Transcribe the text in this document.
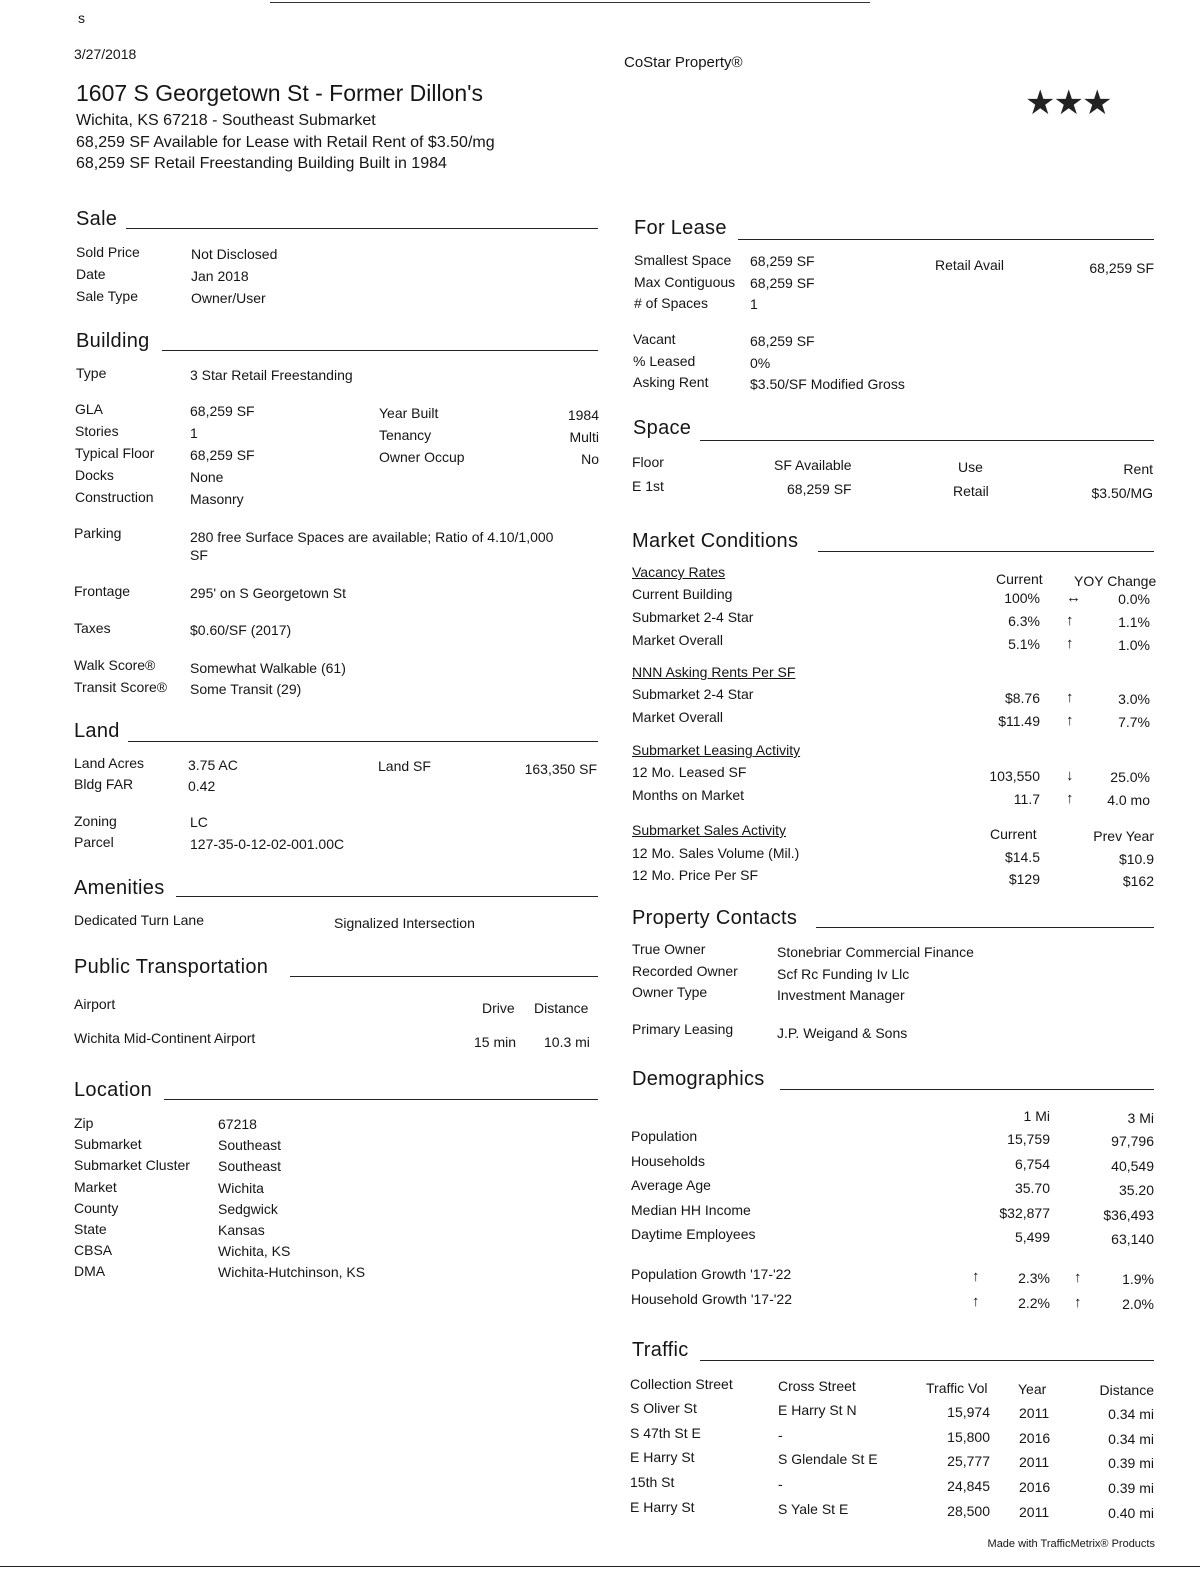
s
3/27/2018	CoStar Property®
1607 S Georgetown St - Former Dillon's
Wichita, KS 67218 - Southeast Submarket
68,259 SF Available for Lease with Retail Rent of $3.50/mg
68,259 SF Retail Freestanding Building Built in 1984
★★★
Sale
Sold Price	Not Disclosed
Date	Jan 2018
Sale Type	Owner/User
Building
Type	3 Star Retail Freestanding
GLA	68,259 SF
Stories	1
Typical Floor	68,259 SF
Docks	None
Construction	Masonry
Year Built	1984
Tenancy	Multi
Owner Occup	No
Parking	280 free Surface Spaces are available; Ratio of 4.10/1,000
SF
Frontage	295' on S Georgetown St
Taxes	$0.60/SF (2017)
Walk Score® Somewhat Walkable (61)
Transit Score® Some Transit (29)
Land
Land Acres	3.75 AC
Bldg FAR	0.42
Land SF	163,350 SF
Zoning	LC
Parcel	127-35-0-12-02-001.00C
Amenities
Dedicated Turn Lane	Signalized Intersection
Public Transportation
Airport	Drive Distance
Wichita Mid-Continent Airport	15 min 10.3 mi
Location
Zip	67218
Submarket	Southeast
Submarket Cluster Southeast
Market	Wichita
County	Sedgwick
State	Kansas
CBSA	Wichita, KS
DMA	Wichita-Hutchinson, KS
For Lease
Smallest Space 68,259 SF
Max Contiguous 68,259 SF
# of Spaces	1
Retail Avail	68,259 SF
Vacant	68,259 SF
% Leased	0%
Asking Rent	$3.50/SF Modified Gross
Space
Floor	SF Available	Use	Rent
E 1st	68,259 SF	Retail	$3.50/MG
Market Conditions
Vacancy Rates	Current YOY Change
Current Building	100% ↔	0.0%
Submarket 2-4 Star	6.3% ↑	1.1%
Market Overall	5.1% ↑	1.0%
NNN Asking Rents Per SF
Submarket 2-4 Star	$8.76 ↑	3.0%
Market Overall	$11.49 ↑	7.7%
Submarket Leasing Activity
12 Mo. Leased SF	103,550 ↓	25.0%
Months on Market	11.7 ↑	4.0 mo
Submarket Sales Activity	Current	Prev Year
12 Mo. Sales Volume (Mil.)	$14.5	$10.9
12 Mo. Price Per SF	$129	$162
Property Contacts
True Owner	Stonebriar Commercial Finance
Recorded Owner	Scf Rc Funding Iv Llc
Owner Type	Investment Manager
Primary Leasing	J.P. Weigand & Sons
Demographics
1 Mi	3 Mi
Population	15,759	97,796
Households	6,754	40,549
Average Age	35.70	35.20
Median HH Income	$32,877	$36,493
Daytime Employees	5,499	63,140
Population Growth '17-'22	↑	2.3% ↑	1.9%
Household Growth '17-'22	↑	2.2% ↑	2.0%
Traffic
Collection Street	Cross Street	Traffic Vol Year	Distance
S Oliver St	E Harry St N	15,974 2011	0.34 mi
S 47th St E	-	15,800 2016	0.34 mi
E Harry St	S Glendale St E	25,777 2011	0.39 mi
15th St	-	24,845 2016	0.39 mi
E Harry St	S Yale St E	28,500 2011	0.40 mi
Made with TrafficMetrix® Products
